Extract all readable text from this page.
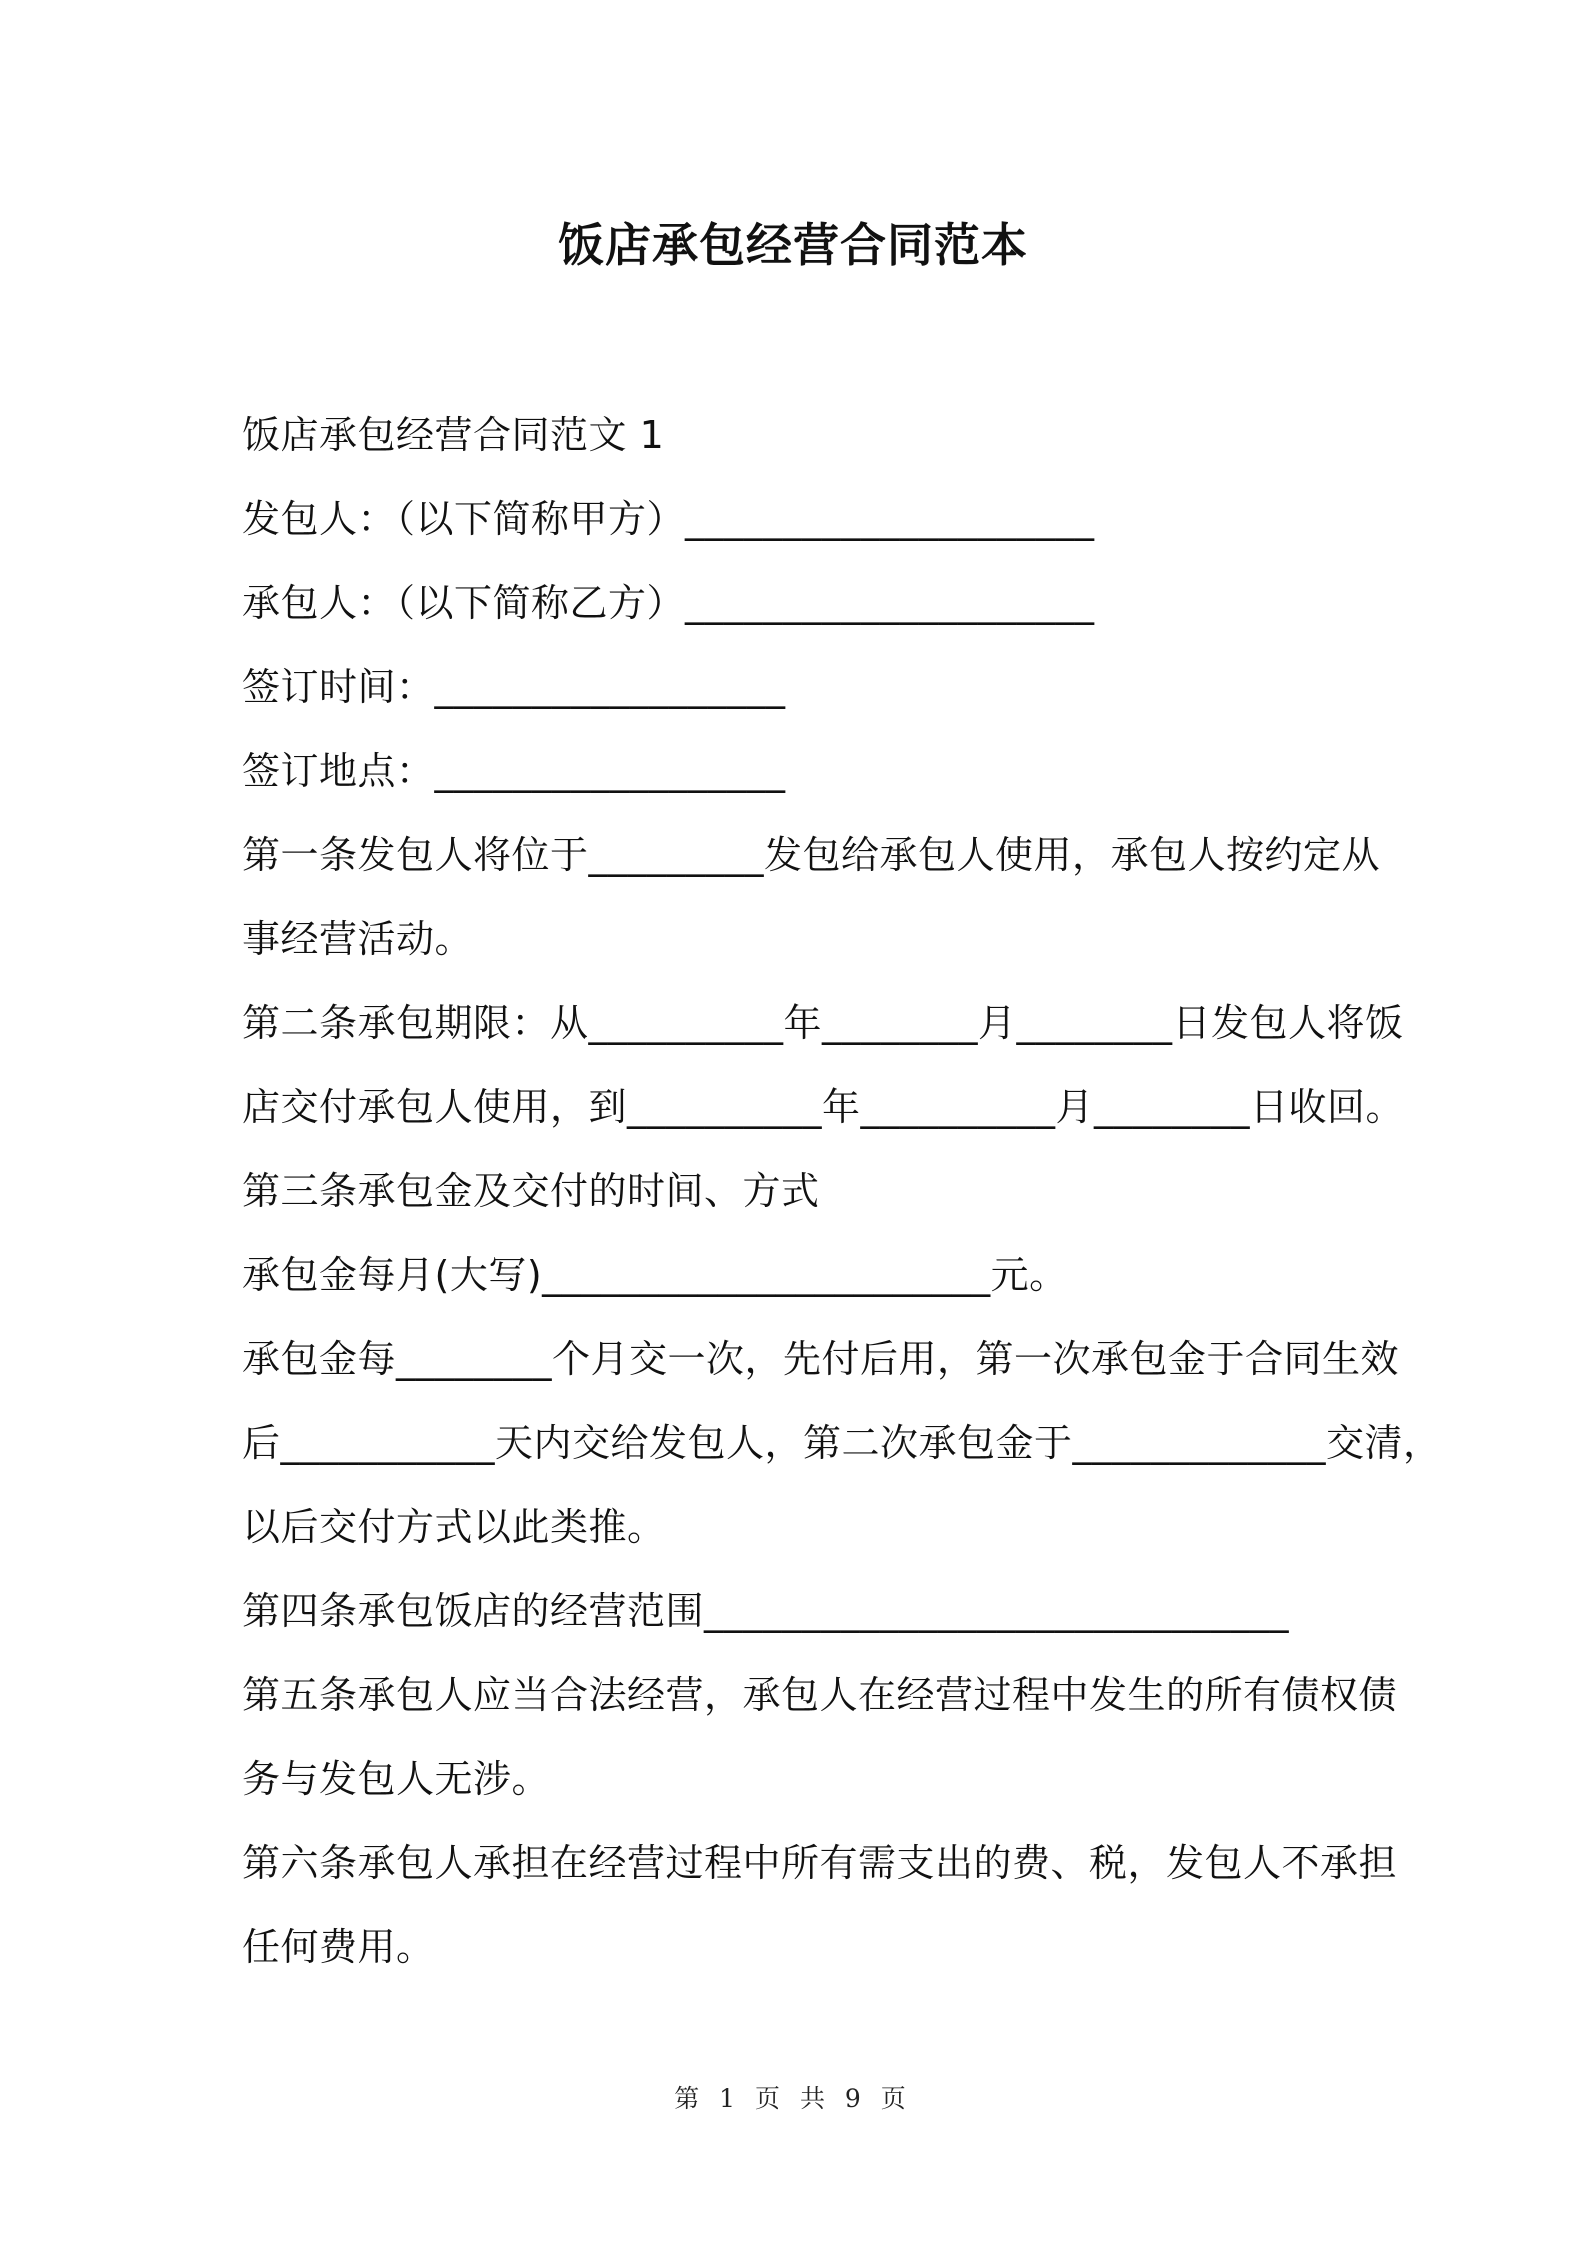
饭店承包经营合同范本
饭店承包经营合同范文 1
发包人：（以下简称甲方）_____________________
承包人：（以下简称乙方）_____________________
签订时间：__________________
签订地点：__________________
第一条发包人将位于_________发包给承包人使用，承包人按约定从
事经营活动。
第二条承包期限：从__________年________月________日发包人将饭
店交付承包人使用，到__________年__________月________日收回。
第三条承包金及交付的时间、方式
承包金每月(大写)_______________________元。
承包金每________个月交一次，先付后用，第一次承包金于合同生效
后___________天内交给发包人，第二次承包金于_____________交清，
以后交付方式以此类推。
第四条承包饭店的经营范围______________________________
第五条承包人应当合法经营，承包人在经营过程中发生的所有债权债
务与发包人无涉。
第六条承包人承担在经营过程中所有需支出的费、税，发包人不承担
任何费用。
第 1 页 共 9 页
